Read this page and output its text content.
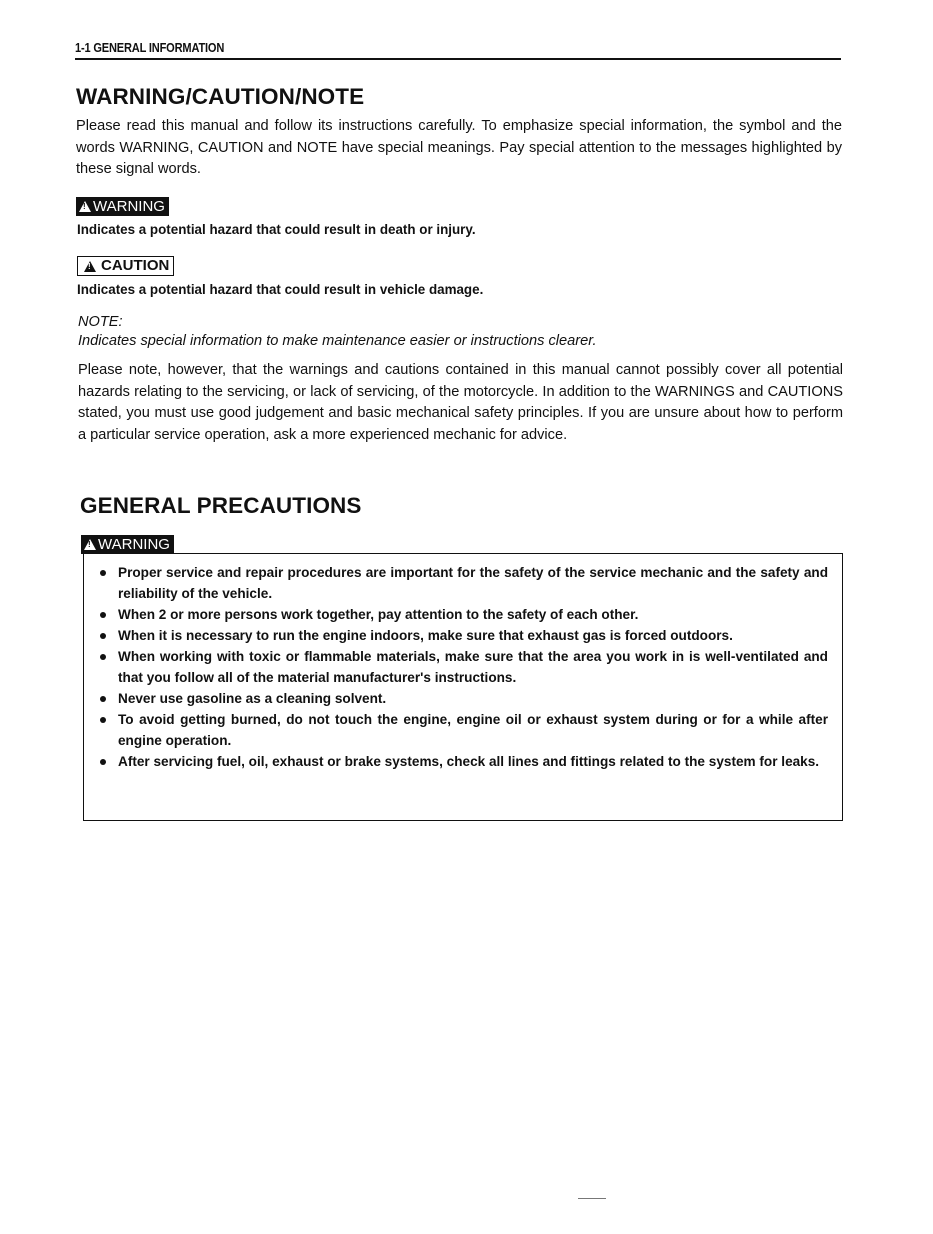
1-1 GENERAL INFORMATION
WARNING/CAUTION/NOTE

Please read this manual and follow its instructions carefully. To emphasize special information, the symbol and the words WARNING, CAUTION and NOTE have special meanings. Pay special attention to the messages highlighted by these signal words.

!
WARNING

Indicates a potential hazard that could result in death or injury.

!
CAUTION

Indicates a potential hazard that could result in vehicle damage.

NOTE:

Indicates special information to make maintenance easier or instructions clearer.

Please note, however, that the warnings and cautions contained in this manual cannot possibly cover all potential hazards relating to the servicing, or lack of servicing, of the motorcycle. In addition to the WARNINGS and CAUTIONS stated, you must use good judgement and basic mechanical safety principles. If you are unsure about how to perform a particular service operation, ask a more experienced mechanic for advice.

GENERAL PRECAUTIONS
!
WARNING
Proper service and repair procedures are important for the safety of the service mechanic and the safety and reliability of the vehicle.
When 2 or more persons work together, pay attention to the safety of each other.
When it is necessary to run the engine indoors, make sure that exhaust gas is forced outdoors.
When working with toxic or flammable materials, make sure that the area you work in is well-ventilated and that you follow all of the material manufacturer's instructions.
Never use gasoline as a cleaning solvent.
To avoid getting burned, do not touch the engine, engine oil or exhaust system during or for a while after engine operation.
After servicing fuel, oil, exhaust or brake systems, check all lines and fittings related to the system for leaks.
